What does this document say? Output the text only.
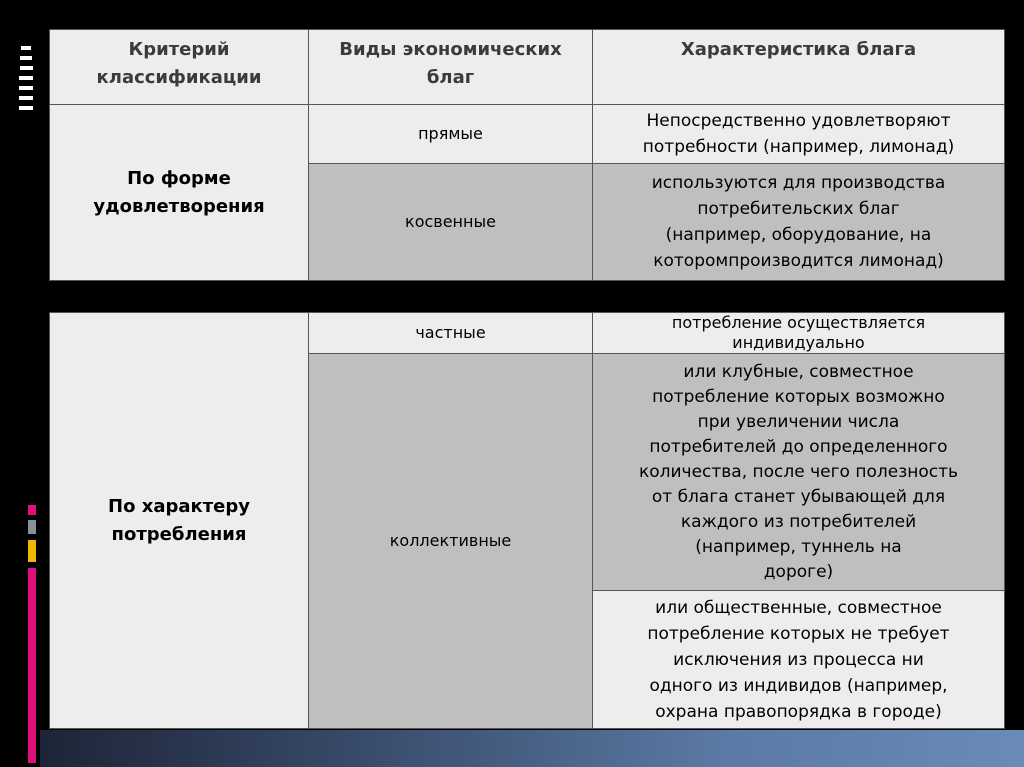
Критерий
классификации
Виды экономических
благ
Характеристика блага
По форме
удовлетворения
прямые
Непосредственно удовлетворяют
потребности (например, лимонад)
косвенные
используются для производства
потребительских благ
(например, оборудование, на
которомпроизводится лимонад)
По характеру
потребления
частные
потребление осуществляется
индивидуально
коллективные
или клубные, совместное
потребление которых возможно
при увеличении числа
потребителей до определенного
количества, после чего полезность
от блага станет убывающей для
каждого из потребителей
(например, туннель на
дороге)
или общественные, совместное
потребление которых не требует
исключения из процесса ни
одного из индивидов (например,
охрана правопорядка в городе)
